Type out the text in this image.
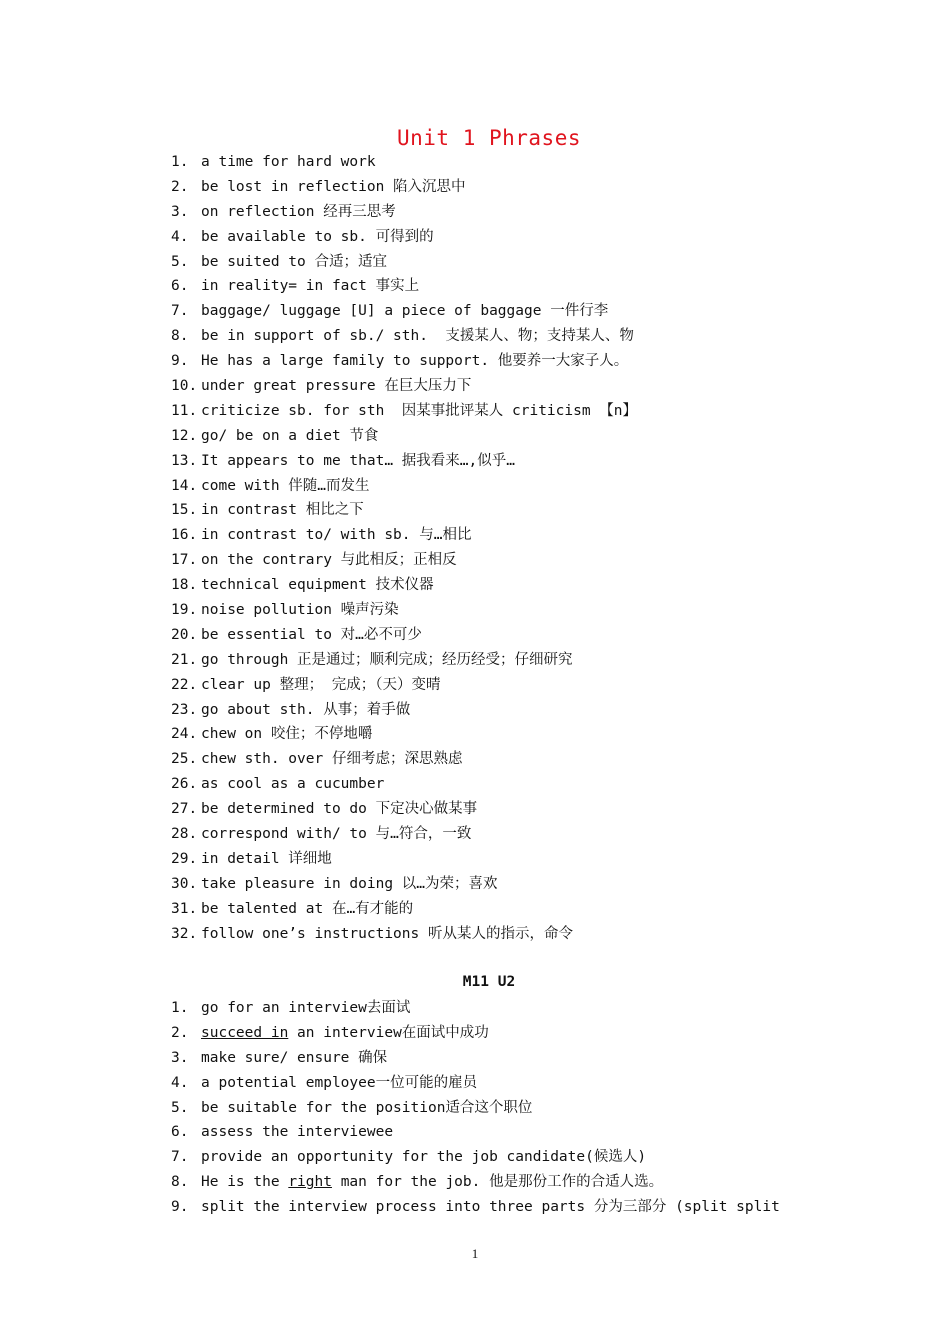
Unit 1 Phrases
1. a time for hard work
2. be lost in reflection 陷入沉思中
3. on reflection 经再三思考
4. be available to sb. 可得到的
5. be suited to 合适；适宜
6. in reality= in fact 事实上
7. baggage/ luggage [U] a piece of baggage 一件行李
8. be in support of sb./ sth.  支援某人、物；支持某人、物
9. He has a large family to support. 他要养一大家子人。
10. under great pressure 在巨大压力下
11. criticize sb. for sth  因某事批评某人 criticism 【n】
12. go/ be on a diet 节食
13. It appears to me that… 据我看来…,似乎…
14. come with 伴随…而发生
15. in contrast 相比之下
16. in contrast to/ with sb. 与…相比
17. on the contrary 与此相反；正相反
18. technical equipment 技术仪器
19. noise pollution 噪声污染
20. be essential to 对…必不可少
21. go through 正是通过；顺利完成；经历经受；仔细研究
22. clear up 整理； 完成；（天）变晴
23. go about sth. 从事；着手做
24. chew on 咬住；不停地嚼
25. chew sth. over 仔细考虑；深思熟虑
26. as cool as a cucumber
27. be determined to do 下定决心做某事
28. correspond with/ to 与…符合，一致
29. in detail 详细地
30. take pleasure in doing 以…为荣；喜欢
31. be talented at 在…有才能的
32. follow one’s instructions 听从某人的指示，命令
M11 U2
1. go for an interview去面试
2. succeed in an interview在面试中成功
3. make sure/ ensure 确保
4. a potential employee一位可能的雇员
5. be suitable for the position适合这个职位
6. assess the interviewee
7. provide an opportunity for the job candidate(候选人)
8. He is the right man for the job. 他是那份工作的合适人选。
9. split the interview process into three parts 分为三部分 (split split
1
